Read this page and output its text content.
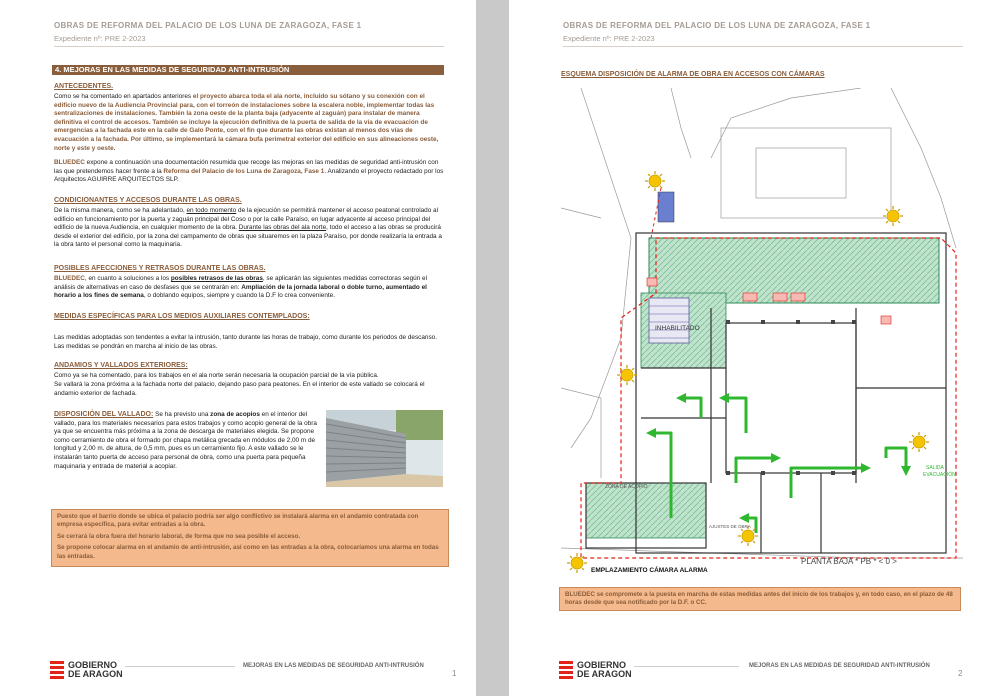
OBRAS DE REFORMA DEL PALACIO DE LOS LUNA DE ZARAGOZA, FASE 1
Expediente nº: PRE 2-2023
4. MEJORAS EN LAS MEDIDAS DE SEGURIDAD ANTI-INTRUSIÓN
ANTECEDENTES.

Como se ha comentado en apartados anteriores el proyecto abarca toda el ala norte, incluido su sótano y su conexión con el edificio nuevo de la Audiencia Provincial para, con el torreón de instalaciones sobre la escalera noble, implementar todas las sentralizaciones de instalaciones. También la zona oeste de la planta baja (adyacente al zaguán) para instalar de manera definitiva el control de accesos. También se incluye la ejecución definitiva de la puerta de salida de la vía de evacuación de emergencias a la fachada este en la calle de Galo Ponte, con el fin que durante las obras existan al menos dos vías de evacuación a la fachada. Por último, se implementará la cámara bufa perimetral exterior del edificio en sus alineaciones oeste, norte y este y oeste.

BLUEDEC expone a continuación una documentación resumida que recoge las mejoras en las medidas de seguridad anti-intrusión con las que pretendemos hacer frente a la Reforma del Palacio de los Luna de Zaragoza, Fase 1. Analizando el proyecto redactado por los Arquitectos AGUIRRE ARQUITECTOS SLP.

CONDICIONANTES Y ACCESOS DURANTE LAS OBRAS.

De la misma manera, como se ha adelantado, en todo momento de la ejecución se permitirá mantener el acceso peatonal controlado al edificio en funcionamiento por la puerta y zaguán principal del Coso o por la calle Paraíso, en lugar adyacente al acceso principal del edificio de la nueva Audiencia, en cualquier momento de la obra. Durante las obras del ala norte, todo el acceso a las obras se producirá desde el exterior del edificio, por la zona del campamento de obras que situaremos en la plaza Paraíso, por donde realizaría la entrada a la obra tanto el personal como la maquinaria.

POSIBLES AFECCIONES Y RETRASOS DURANTE LAS OBRAS.

BLUEDEC, en cuanto a soluciones a los posibles retrasos de las obras, se aplicarán las siguientes medidas correctoras según el análisis de alternativas en caso de desfases que se centrarán en: Ampliación de la jornada laboral o doble turno, aumentado el horario a los fines de semana, o doblando equipos, siempre y cuando la D.F lo crea conveniente.

MEDIDAS ESPECÍFICAS PARA LOS MEDIOS AUXILIARES CONTEMPLADOS:

Las medidas adoptadas son tendentes a evitar la intrusión, tanto durante las horas de trabajo, como durante los periodos de descanso. Las medidas se pondrán en marcha al inicio de las obras.

ANDAMIOS Y VALLADOS EXTERIORES:

Como ya se ha comentado, para los trabajos en el ala norte serán necesaria la ocupación parcial de la vía pública.

Se vallará la zona próxima a la fachada norte del palacio, dejando paso para peatones. En el interior de este vallado se colocará el andamio exterior de fachada.

DISPOSICIÓN DEL VALLADO: Se ha previsto una zona de acopios en el interior del vallado, para los materiales necesarios para estos trabajos y como acopio general de la obra ya que se encuentra más próxima a la zona de descarga de materiales elegida. Se propone como cerramiento de obra el formado por chapa metálica grecada en módulos de 2,00 m de longitud y 2,00 m. de altura, de 0,5 mm, pues es un cerramiento fijo. A este vallado se le instalarán tanto puerta de acceso para personal de obra, como una puerta para pequeña maquinaria y entrada de material a acopiar.

Puesto que el barrio donde se ubica el palacio podría ser algo conflictivo se instalará alarma en el andamio contratada con empresa específica, para evitar entradas a la obra.

Se cerrará la obra fuera del horario laboral, de forma que no sea posible el acceso.

Se propone colocar alarma en el andamio de anti-intrusión, así como en las entradas a la obra, colocaríamos una alarma en todas las entradas.

GOBIERNO
DE ARAGON
MEJORAS EN LAS MEDIDAS DE SEGURIDAD ANTI-INTRUSIÓN
1
OBRAS DE REFORMA DEL PALACIO DE LOS LUNA DE ZARAGOZA, FASE 1
Expediente nº: PRE 2-2023
ESQUEMA DISPOSICIÓN DE ALARMA DE OBRA EN ACCESOS CON CÁMARAS
INHABILITADO
ZONA DE ACOPIO
AJUSTES DE OBRA
SALIDA
EVACUACIÓN
PLANTA BAJA * PB * < 0 >
EMPLAZAMIENTO CÁMARA ALARMA
BLUEDEC se compromete a la puesta en marcha de estas medidas antes del inicio de los trabajos y, en todo caso, en el plazo de 48 horas desde que sea notificado por la D.F. o CC.
GOBIERNO
DE ARAGON
MEJORAS EN LAS MEDIDAS DE SEGURIDAD ANTI-INTRUSIÓN
2
